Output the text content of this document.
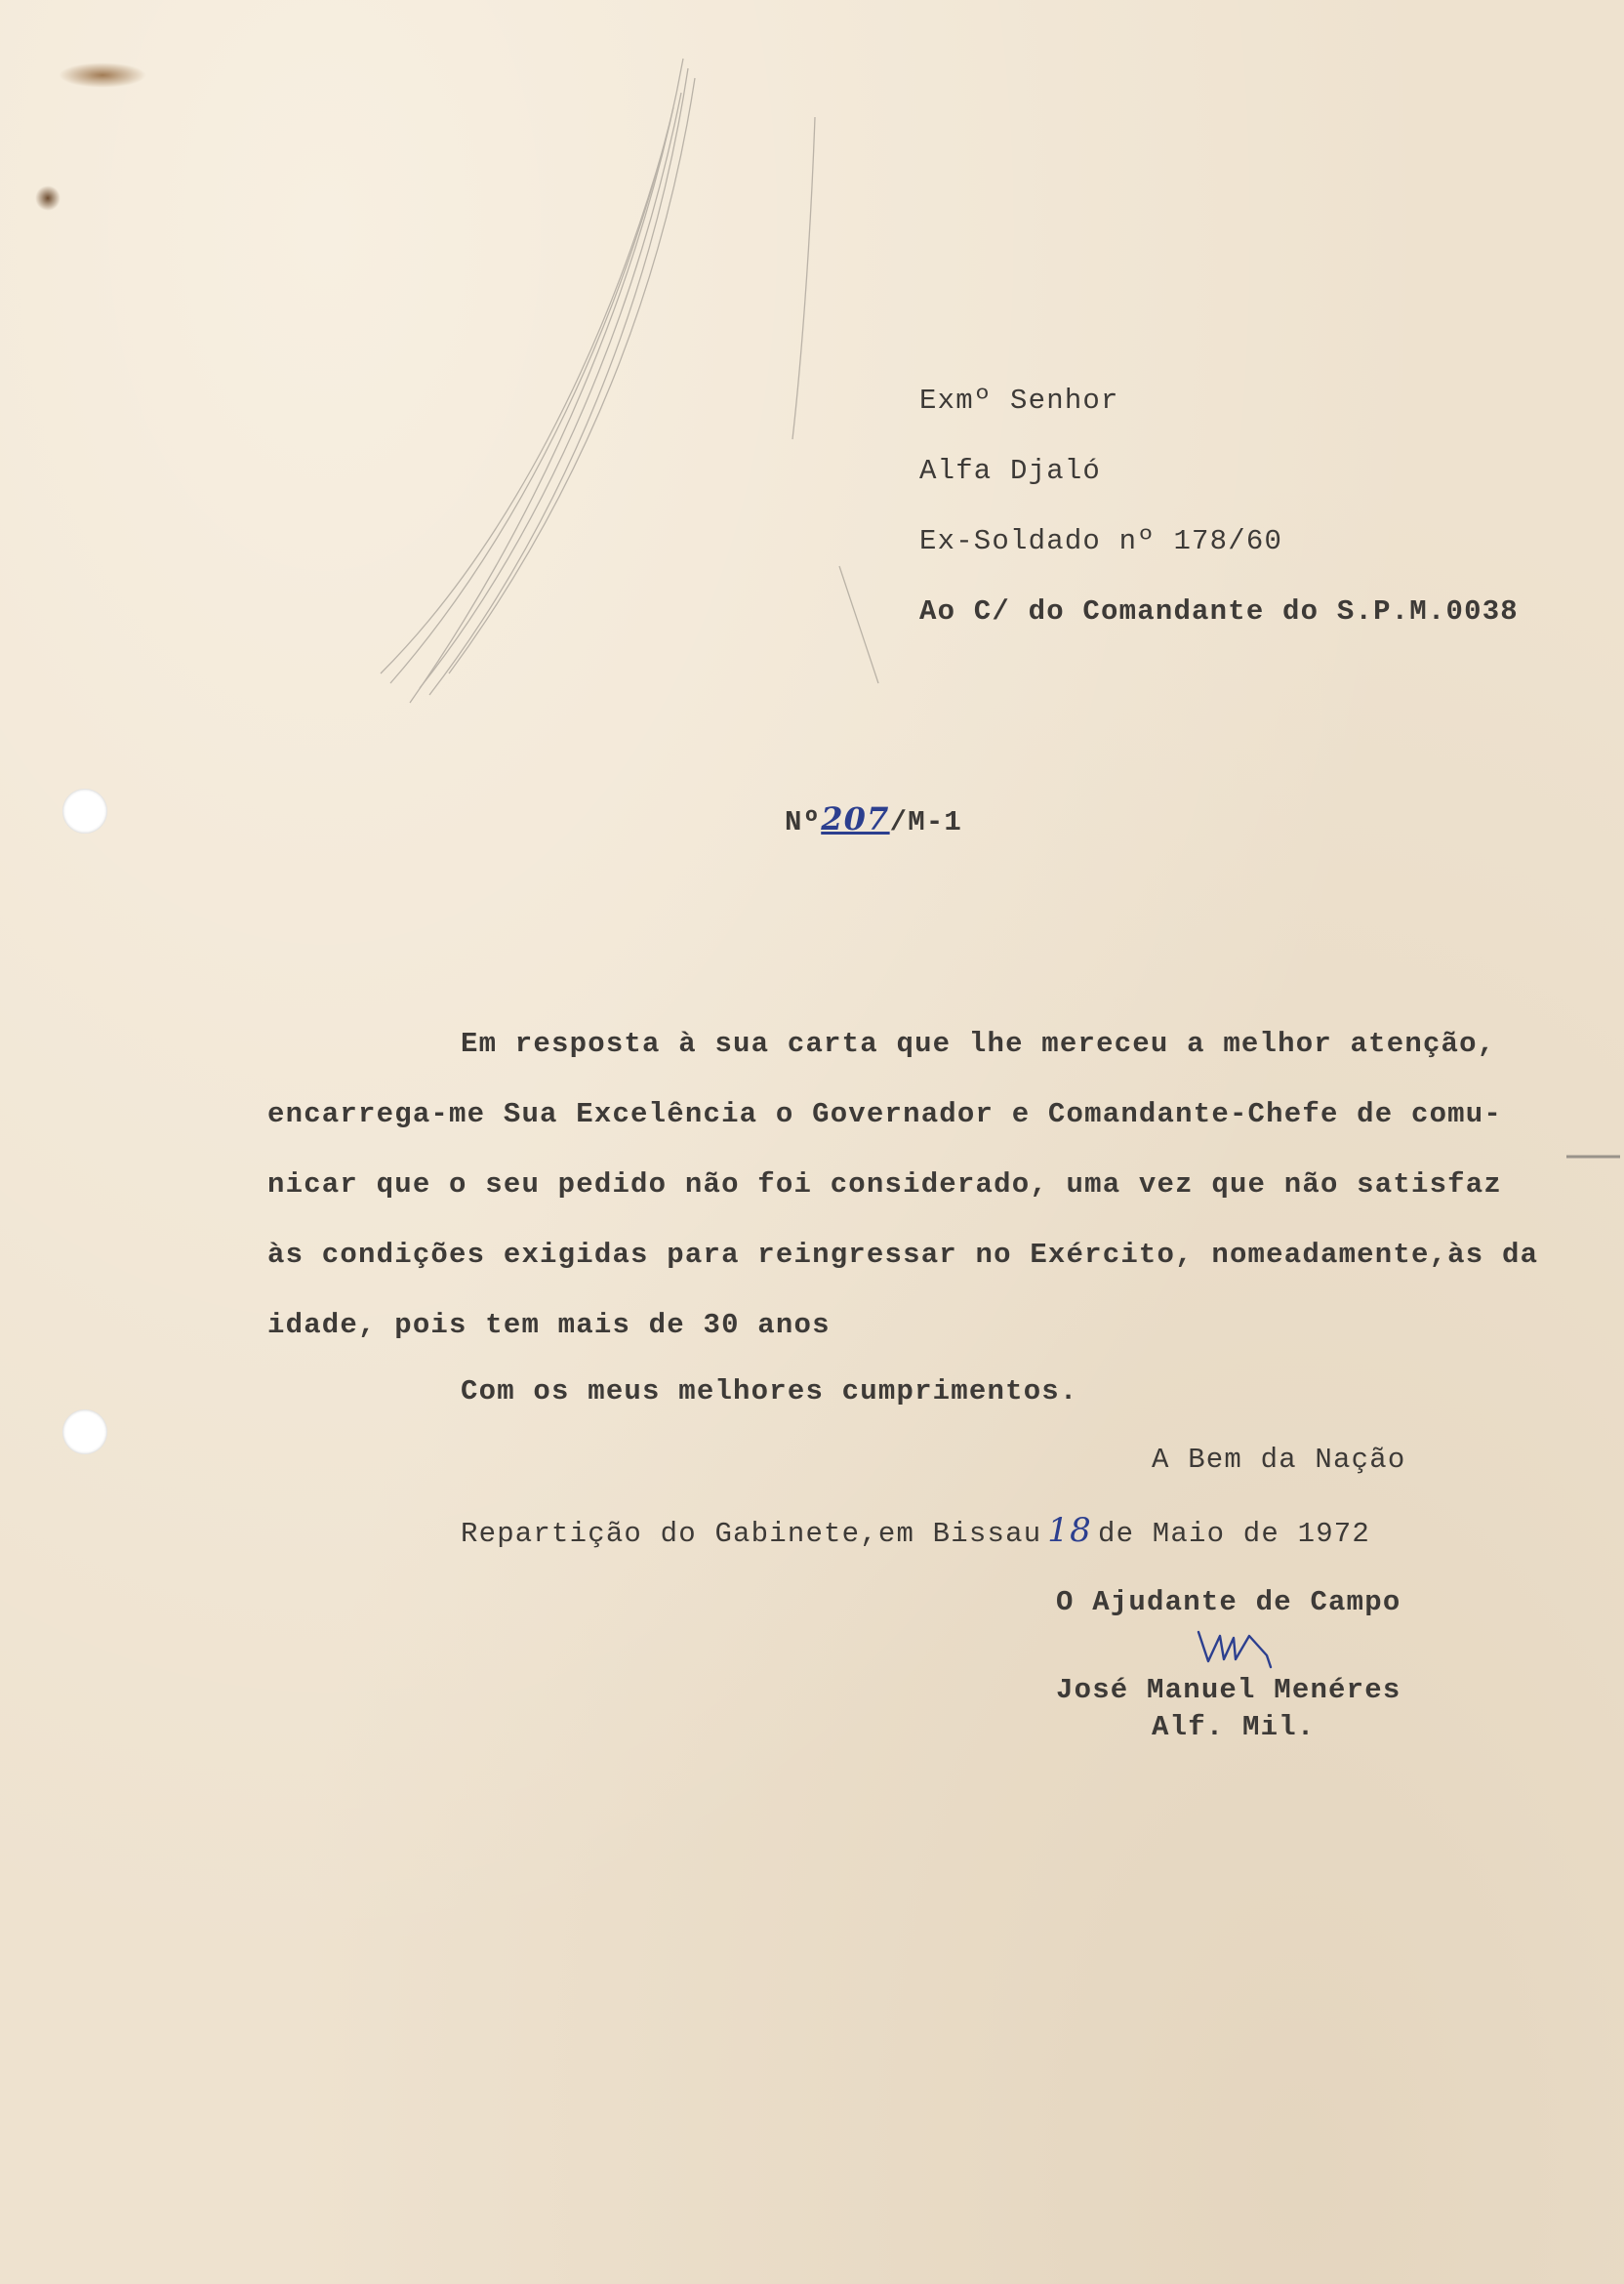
Exmº Senhor
Alfa Djaló
Ex-Soldado nº 178/60
Ao C/ do Comandante do S.P.M.0038
Nº207/M-1
Em resposta à sua carta que lhe mereceu a melhor atenção,
encarrega-me Sua Excelência o Governador e Comandante-Chefe de comu-
nicar que o seu pedido não foi considerado, uma vez que não satisfaz
às condições exigidas para reingressar no Exército, nomeadamente,às da
idade, pois tem mais de 30 anos
Com os meus melhores cumprimentos.
A Bem da Nação
Repartição do Gabinete,em Bissau 18 de Maio de 1972
O Ajudante de Campo
José Manuel Menéres
Alf. Mil.
